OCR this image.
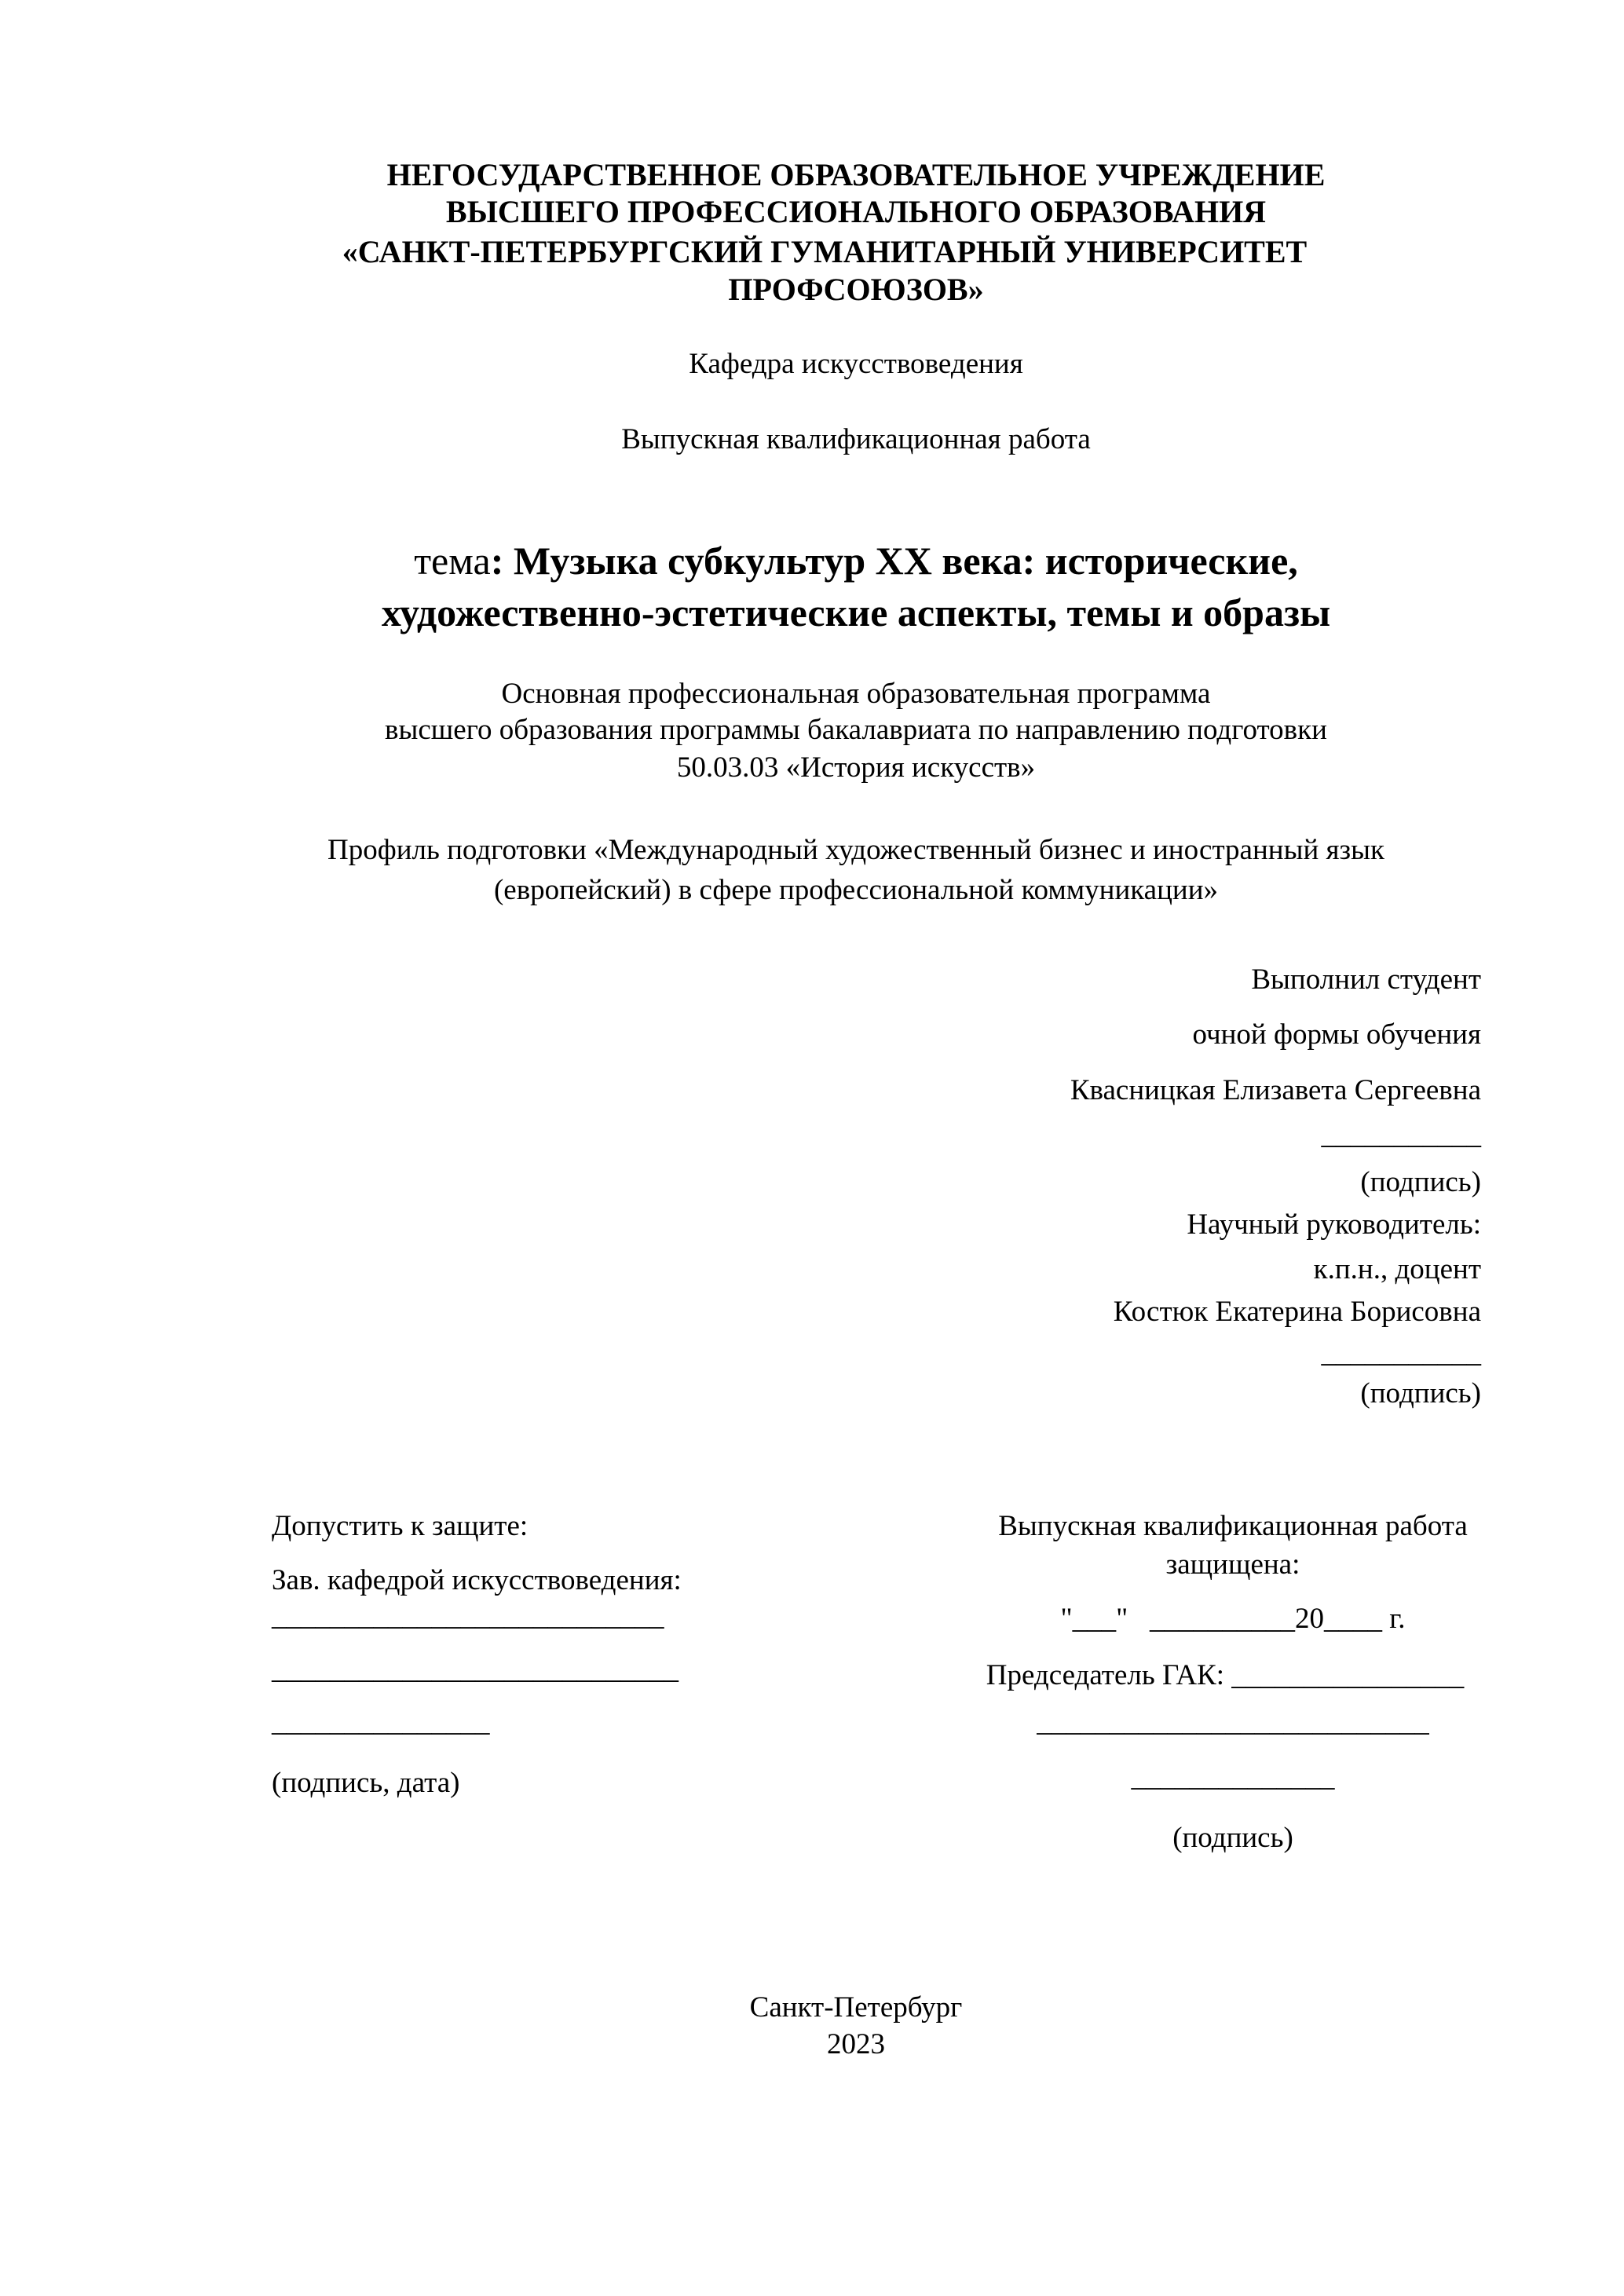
НЕГОСУДАРСТВЕННОЕ ОБРАЗОВАТЕЛЬНОЕ УЧРЕЖДЕНИЕ
ВЫСШЕГО ПРОФЕССИОНАЛЬНОГО ОБРАЗОВАНИЯ
«САНКТ-ПЕТЕРБУРГСКИЙ ГУМАНИТАРНЫЙ УНИВЕРСИТЕТ
ПРОФСОЮЗОВ»
Кафедра искусствоведения
Выпускная квалификационная работа
тема: Музыка субкультур XX века: исторические,
художественно-эстетические аспекты, темы и образы
Основная профессиональная образовательная программа
высшего образования программы бакалавриата по направлению подготовки
50.03.03 «История искусств»
Профиль подготовки «Международный художественный бизнес и иностранный язык
(европейский) в сфере профессиональной коммуникации»
Выполнил студент
очной формы обучения
Квасницкая Елизавета Сергеевна
___________
(подпись)
Научный руководитель:
к.п.н., доцент
Костюк Екатерина Борисовна
___________
(подпись)
Допустить к защите:
Зав. кафедрой искусствоведения:
___________________________
____________________________
_______________
(подпись, дата)
Выпускная квалификационная работа
защищена:
"___"   __________20____ г.
Председатель ГАК: ________________
___________________________
______________
(подпись)
Санкт-Петербург
2023
